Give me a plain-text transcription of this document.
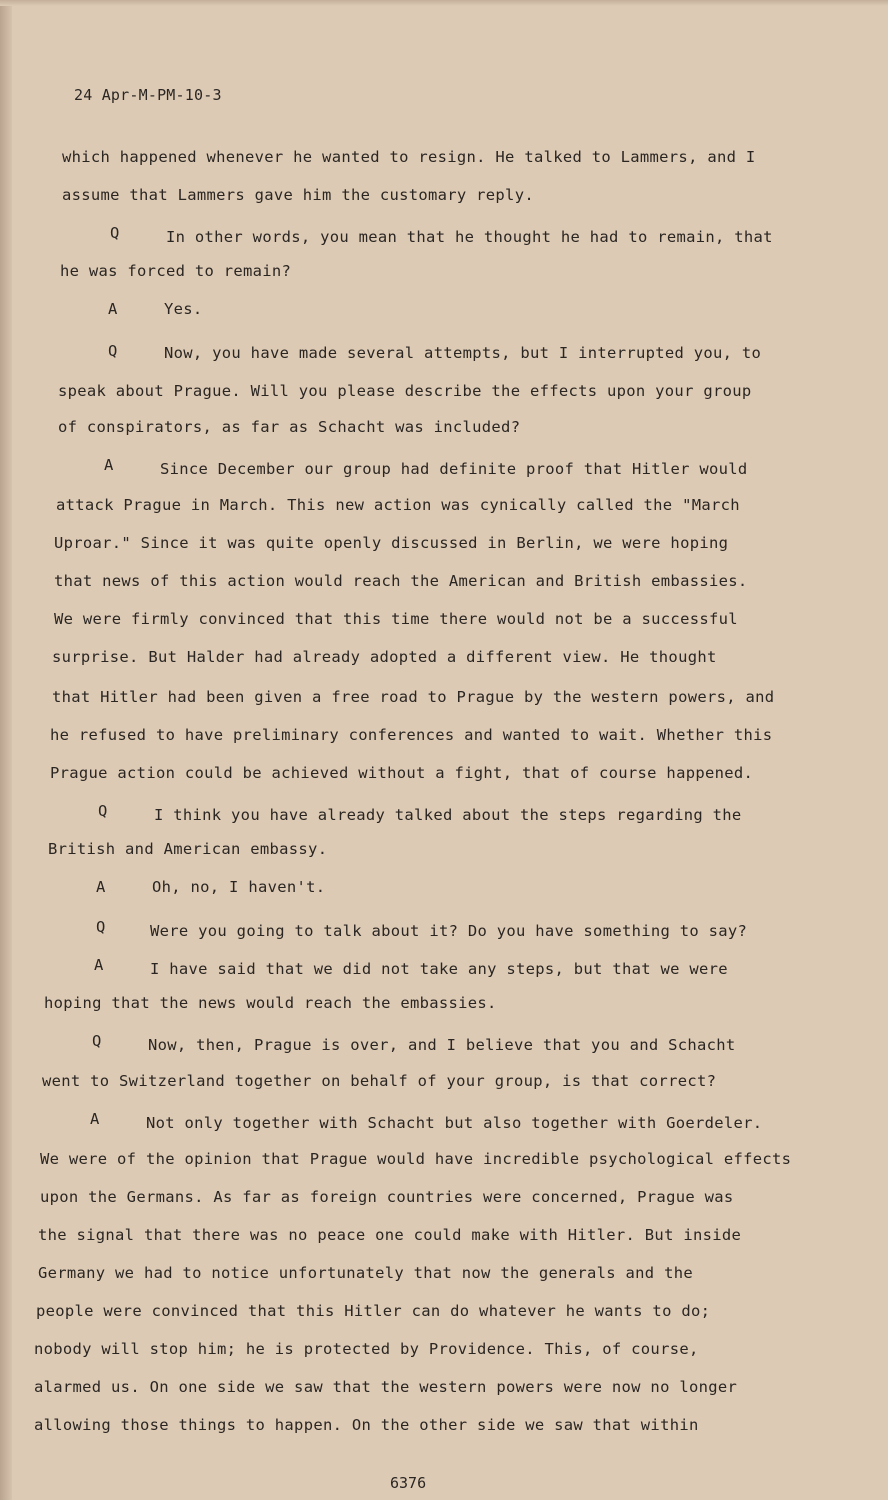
24 Apr-M-PM-10-3
which happened whenever he wanted to resign. He talked to Lammers, and I
assume that Lammers gave him the customary reply.
Q	In other words, you mean that he thought he had to remain, that
he was forced to remain?
A	Yes.
Q	Now, you have made several attempts, but I interrupted you, to
speak about Prague. Will you please describe the effects upon your group
of conspirators, as far as Schacht was included?
A	Since December our group had definite proof that Hitler would
attack Prague in March. This new action was cynically called the "March
Uproar." Since it was quite openly discussed in Berlin, we were hoping
that news of this action would reach the American and British embassies.
We were firmly convinced that this time there would not be a successful
surprise. But Halder had already adopted a different view. He thought
that Hitler had been given a free road to Prague by the western powers, and
he refused to have preliminary conferences and wanted to wait. Whether this
Prague action could be achieved without a fight, that of course happened.
Q	I think you have already talked about the steps regarding the
British and American embassy.
A	Oh, no, I haven't.
Q	Were you going to talk about it? Do you have something to say?
A	I have said that we did not take any steps, but that we were
hoping that the news would reach the embassies.
Q	Now, then, Prague is over, and I believe that you and Schacht
went to Switzerland together on behalf of your group, is that correct?
A	Not only together with Schacht but also together with Goerdeler.
We were of the opinion that Prague would have incredible psychological effects
upon the Germans. As far as foreign countries were concerned, Prague was
the signal that there was no peace one could make with Hitler. But inside
Germany we had to notice unfortunately that now the generals and the
people were convinced that this Hitler can do whatever he wants to do;
nobody will stop him; he is protected by Providence. This, of course,
alarmed us. On one side we saw that the western powers were now no longer
allowing those things to happen. On the other side we saw that within
6376
